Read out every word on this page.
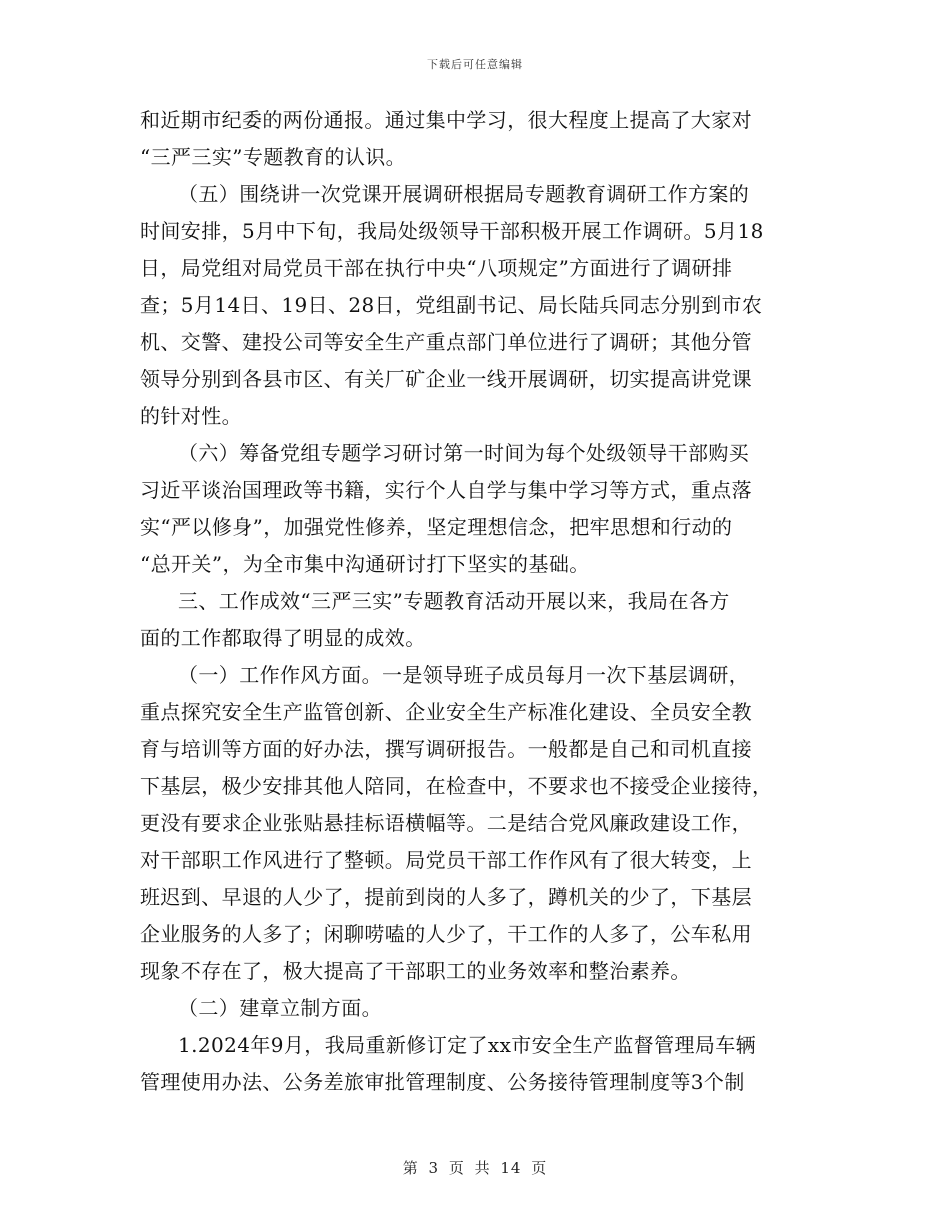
下载后可任意编辑
和近期市纪委的两份通报。通过集中学习，很大程度上提高了大家对
“三严三实”专题教育的认识。
（五）围绕讲一次党课开展调研根据局专题教育调研工作方案的
时间安排，5月中下旬，我局处级领导干部积极开展工作调研。5月18
日，局党组对局党员干部在执行中央“八项规定”方面进行了调研排
查；5月14日、19日、28日，党组副书记、局长陆兵同志分别到市农
机、交警、建投公司等安全生产重点部门单位进行了调研；其他分管
领导分别到各县市区、有关厂矿企业一线开展调研，切实提高讲党课
的针对性。
（六）筹备党组专题学习研讨第一时间为每个处级领导干部购买
习近平谈治国理政等书籍，实行个人自学与集中学习等方式，重点落
实“严以修身”，加强党性修养，坚定理想信念，把牢思想和行动的
“总开关”，为全市集中沟通研讨打下坚实的基础。
三、工作成效“三严三实”专题教育活动开展以来，我局在各方
面的工作都取得了明显的成效。
（一）工作作风方面。一是领导班子成员每月一次下基层调研，
重点探究安全生产监管创新、企业安全生产标准化建设、全员安全教
育与培训等方面的好办法，撰写调研报告。一般都是自己和司机直接
下基层，极少安排其他人陪同，在检查中，不要求也不接受企业接待，
更没有要求企业张贴悬挂标语横幅等。二是结合党风廉政建设工作，
对干部职工作风进行了整顿。局党员干部工作作风有了很大转变，上
班迟到、早退的人少了，提前到岗的人多了，蹲机关的少了，下基层
企业服务的人多了；闲聊唠嗑的人少了，干工作的人多了，公车私用
现象不存在了，极大提高了干部职工的业务效率和整治素养。
（二）建章立制方面。
1.2024年9月，我局重新修订定了xx市安全生产监督管理局车辆
管理使用办法、公务差旅审批管理制度、公务接待管理制度等3个制
第 3 页 共 14 页
